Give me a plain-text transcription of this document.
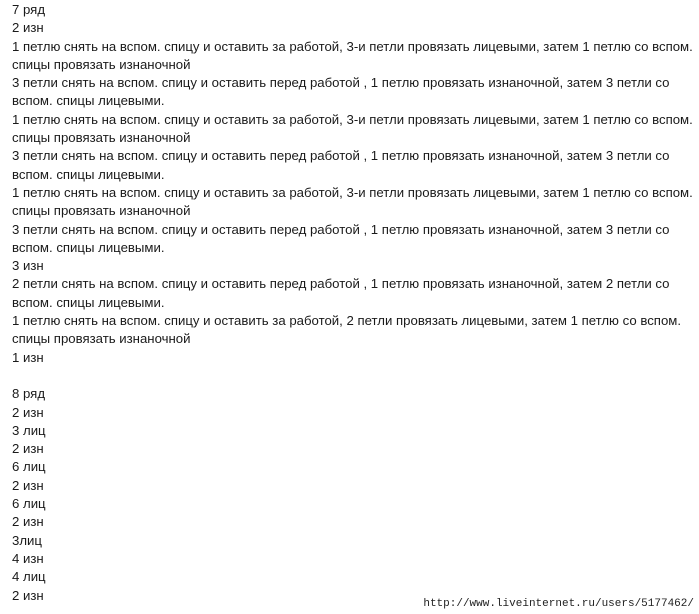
7 ряд
2 изн
1 петлю снять на вспом. спицу и оставить за работой, 3-и петли провязать лицевыми, затем 1 петлю со вспом.
спицы провязать изнаночной
3 петли снять на вспом. спицу и оставить перед работой , 1 петлю провязать изнаночной, затем 3 петли со
вспом. спицы лицевыми.
1 петлю снять на вспом. спицу и оставить за работой, 3-и петли провязать лицевыми, затем 1 петлю со вспом.
спицы провязать изнаночной
3 петли снять на вспом. спицу и оставить перед работой , 1 петлю провязать изнаночной, затем 3 петли со
вспом. спицы лицевыми.
1 петлю снять на вспом. спицу и оставить за работой, 3-и петли провязать лицевыми, затем 1 петлю со вспом.
спицы провязать изнаночной
3 петли снять на вспом. спицу и оставить перед работой , 1 петлю провязать изнаночной, затем 3 петли со
вспом. спицы лицевыми.
3 изн
2 петли снять на вспом. спицу и оставить перед работой , 1 петлю провязать изнаночной, затем 2 петли со
вспом. спицы лицевыми.
1 петлю снять на вспом. спицу и оставить за работой, 2 петли провязать лицевыми, затем 1 петлю со вспом.
спицы провязать изнаночной
1 изн
8 ряд
2 изн
3 лиц
2 изн
6 лиц
2 изн
6 лиц
2 изн
3лиц
4 изн
4 лиц
2 изн
http://www.liveinternet.ru/users/5177462/
